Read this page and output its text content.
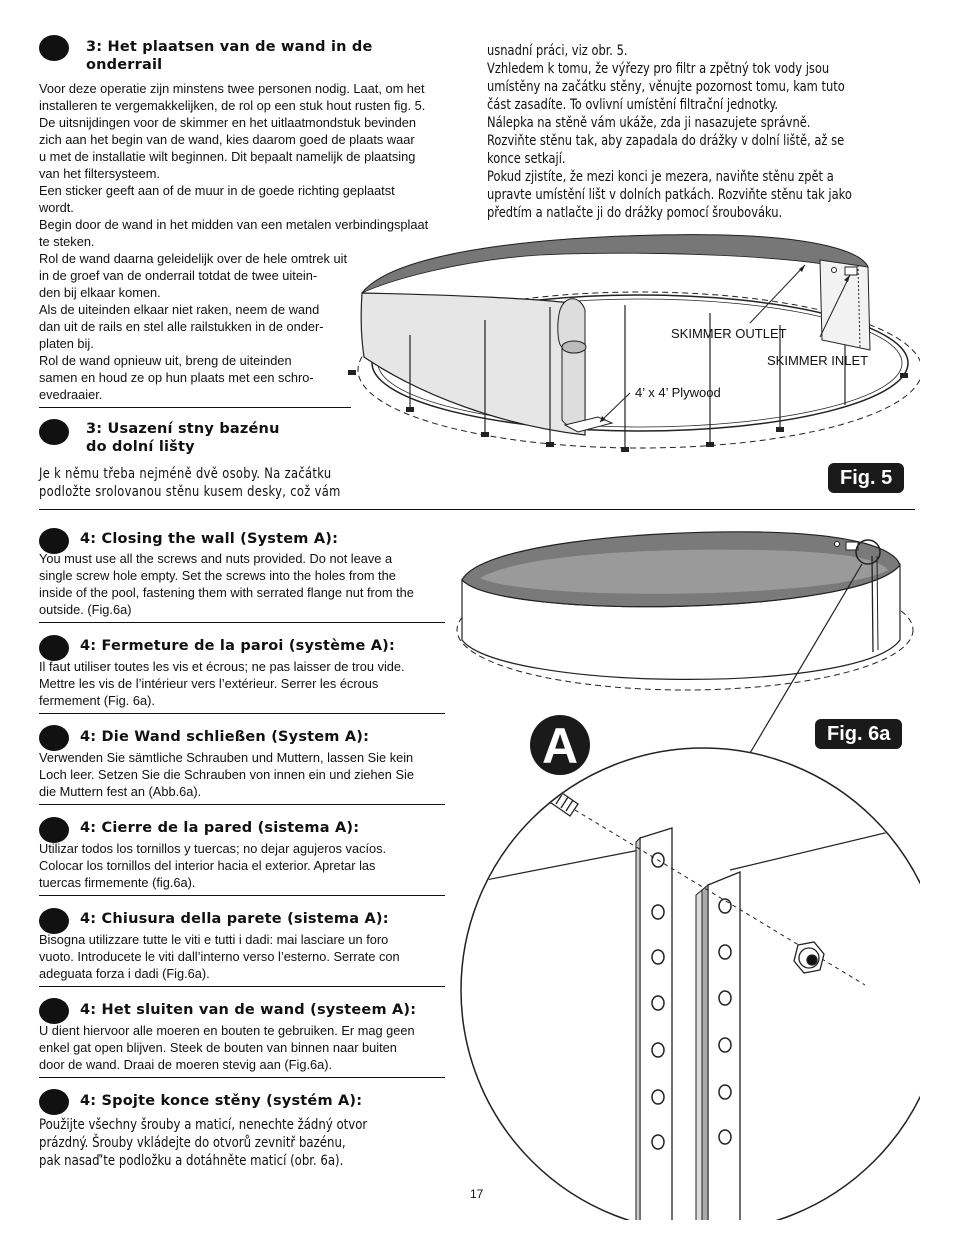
3: Het plaatsen van de wand in de
onderrail

Voor deze operatie zijn minstens twee personen nodig. Laat, om het

installeren te vergemakkelijken, de rol op een stuk hout rusten fig. 5.

De uitsnijdingen voor de skimmer en het uitlaatmondstuk bevinden

zich aan het begin van de wand, kies daarom goed de plaats waar

u met de installatie wilt beginnen. Dit bepaalt namelijk de plaatsing

van het filtersysteem.

Een sticker geeft aan of de muur in de goede richting geplaatst

wordt.

Begin door de wand in het midden van een metalen verbindingsplaat

te steken.

Rol de wand daarna geleidelijk over de hele omtrek uit

in de groef van de onderrail totdat de twee uitein-

den bij elkaar komen.

Als de uiteinden elkaar niet raken, neem de wand

dan uit de rails en stel alle railstukken in de onder-

platen bij.

Rol de wand opnieuw uit, breng de uiteinden

samen en houd ze op hun plaats met een schro-

evedraaier.

3: Usazení stny bazénu
do dolní lišty

Je k němu třeba nejméně dvě osoby. Na začátku

podložte srolovanou stěnu kusem desky, což vám

usnadní práci, viz obr. 5.

Vzhledem k tomu, že výřezy pro filtr a zpětný tok vody jsou

umístěny na začátku stěny, věnujte pozornost tomu, kam tuto

část zasadíte. To ovlivní umístění filtrační jednotky.

Nálepka na stěně vám ukáže, zda ji nasazujete správně.

Rozviňte stěnu tak, aby zapadala do drážky v dolní liště, až se

konce setkají.

Pokud zjistíte, že mezi konci je mezera, naviňte stěnu zpět a

upravte umístění lišt v dolních patkách. Rozviňte stěnu tak jako

předtím a natlačte ji do drážky pomocí šroubováku.

SKIMMER OUTLET
SKIMMER INLET
4’ x 4’ Plywood
Fig. 5
4: Closing the wall (System A):

You must use all the screws and nuts provided. Do not leave a

single screw hole empty. Set the screws into the holes from the

inside of the pool, fastening them with serrated flange nut from the

outside. (Fig.6a)

4: Fermeture de la paroi (système A):

Il faut utiliser toutes les vis et écrous; ne pas laisser de trou vide.

Mettre les vis de l’intérieur vers l’extérieur. Serrer les écrous

fermement (Fig. 6a).

4: Die Wand schließen (System A):

Verwenden Sie sämtliche Schrauben und Muttern, lassen Sie kein

Loch leer. Setzen Sie die Schrauben von innen ein und ziehen Sie

die Muttern fest an (Abb.6a).

4: Cierre de la pared (sistema A):

Utilizar todos los tornillos y tuercas; no dejar agujeros vacíos.

Colocar los tornillos del interior hacia el exterior. Apretar las

tuercas firmemente (fig.6a).

4: Chiusura della parete (sistema A):

Bisogna utilizzare tutte le viti e tutti i dadi: mai lasciare un foro

vuoto. Introducete le viti dall’interno verso l’esterno. Serrate con

adeguata forza i dadi (Fig.6a).

4: Het sluiten van de wand (systeem A):

U dient hiervoor alle moeren en bouten te gebruiken. Er mag geen

enkel gat open blijven. Steek de bouten van binnen naar buiten

door de wand. Draai de moeren stevig aan (Fig.6a).

4: Spojte konce stěny (systém A):

Použijte všechny šrouby a maticí, nenechte žádný otvor

prázdný. Šrouby vkládejte do otvorů zevnitř bazénu,

pak nasaď’te podložku a dotáhněte maticí (obr. 6a).

A	Fig. 6a
17
